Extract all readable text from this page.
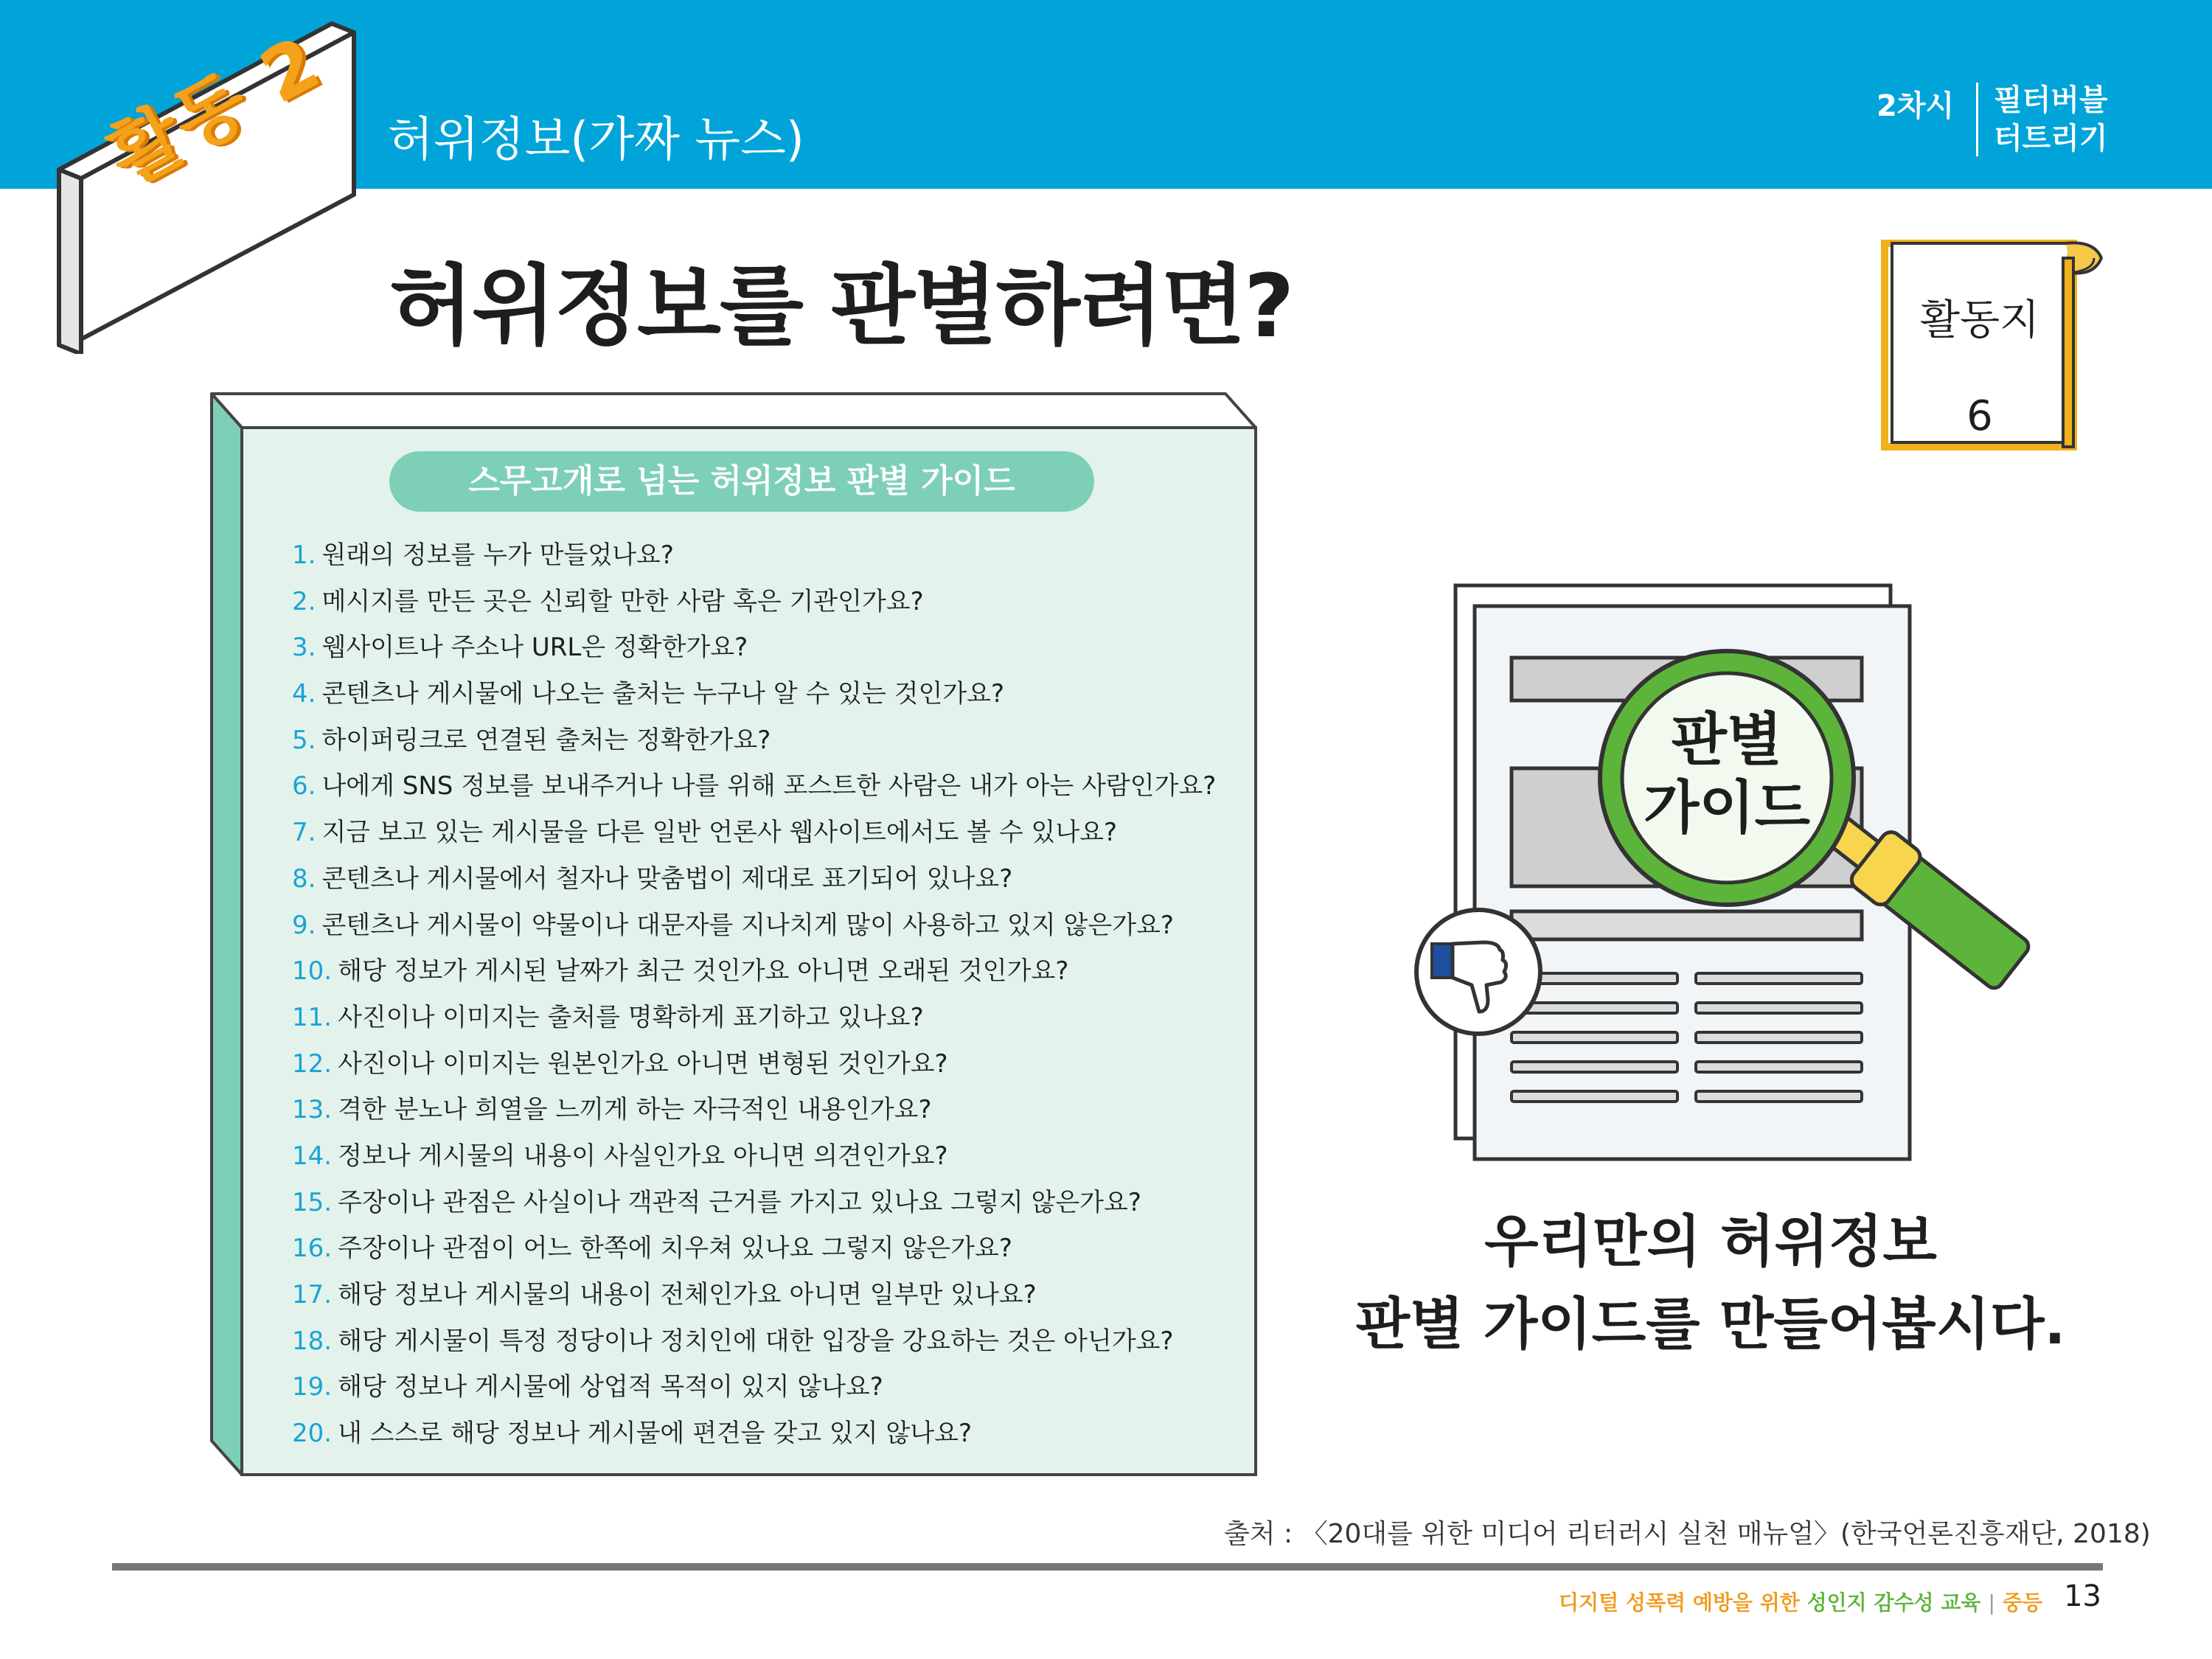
활동 2 허위정보(가짜 뉴스)
2차시 필터버블 터트리기
허위정보를 판별하려면?	활동지
6
스무고개로 넘는 허위정보 판별 가이드
1. 원래의 정보를 누가 만들었나요?
2. 메시지를 만든 곳은 신뢰할 만한 사람 혹은 기관인가요?
3. 웹사이트나 주소나 URL은 정확한가요?
4. 콘텐츠나 게시물에 나오는 출처는 누구나 알 수 있는 것인가요?
5. 하이퍼링크로 연결된 출처는 정확한가요?
6. 나에게 SNS 정보를 보내주거나 나를 위해 포스트한 사람은 내가 아는 사람인가요?
7. 지금 보고 있는 게시물을 다른 일반 언론사 웹사이트에서도 볼 수 있나요?
8. 콘텐츠나 게시물에서 철자나 맞춤법이 제대로 표기되어 있나요?
9. 콘텐츠나 게시물이 약물이나 대문자를 지나치게 많이 사용하고 있지 않은가요?
10. 해당 정보가 게시된 날짜가 최근 것인가요 아니면 오래된 것인가요?
11. 사진이나 이미지는 출처를 명확하게 표기하고 있나요?
12. 사진이나 이미지는 원본인가요 아니면 변형된 것인가요?
13. 격한 분노나 희열을 느끼게 하는 자극적인 내용인가요?
14. 정보나 게시물의 내용이 사실인가요 아니면 의견인가요?
15. 주장이나 관점은 사실이나 객관적 근거를 가지고 있나요 그렇지 않은가요?
16. 주장이나 관점이 어느 한쪽에 치우쳐 있나요 그렇지 않은가요?
17. 해당 정보나 게시물의 내용이 전체인가요 아니면 일부만 있나요?
18. 해당 게시물이 특정 정당이나 정치인에 대한 입장을 강요하는 것은 아닌가요?
19. 해당 정보나 게시물에 상업적 목적이 있지 않나요?
20. 내 스스로 해당 정보나 게시물에 편견을 갖고 있지 않나요?
판별
가이드
우리만의 허위정보
판별 가이드를 만들어봅시다.
출처 : 〈20대를 위한 미디어 리터러시 실천 매뉴얼〉(한국언론진흥재단, 2018)
디지털 성폭력 예방을 위한 성인지 감수성 교육 | 중등 13
